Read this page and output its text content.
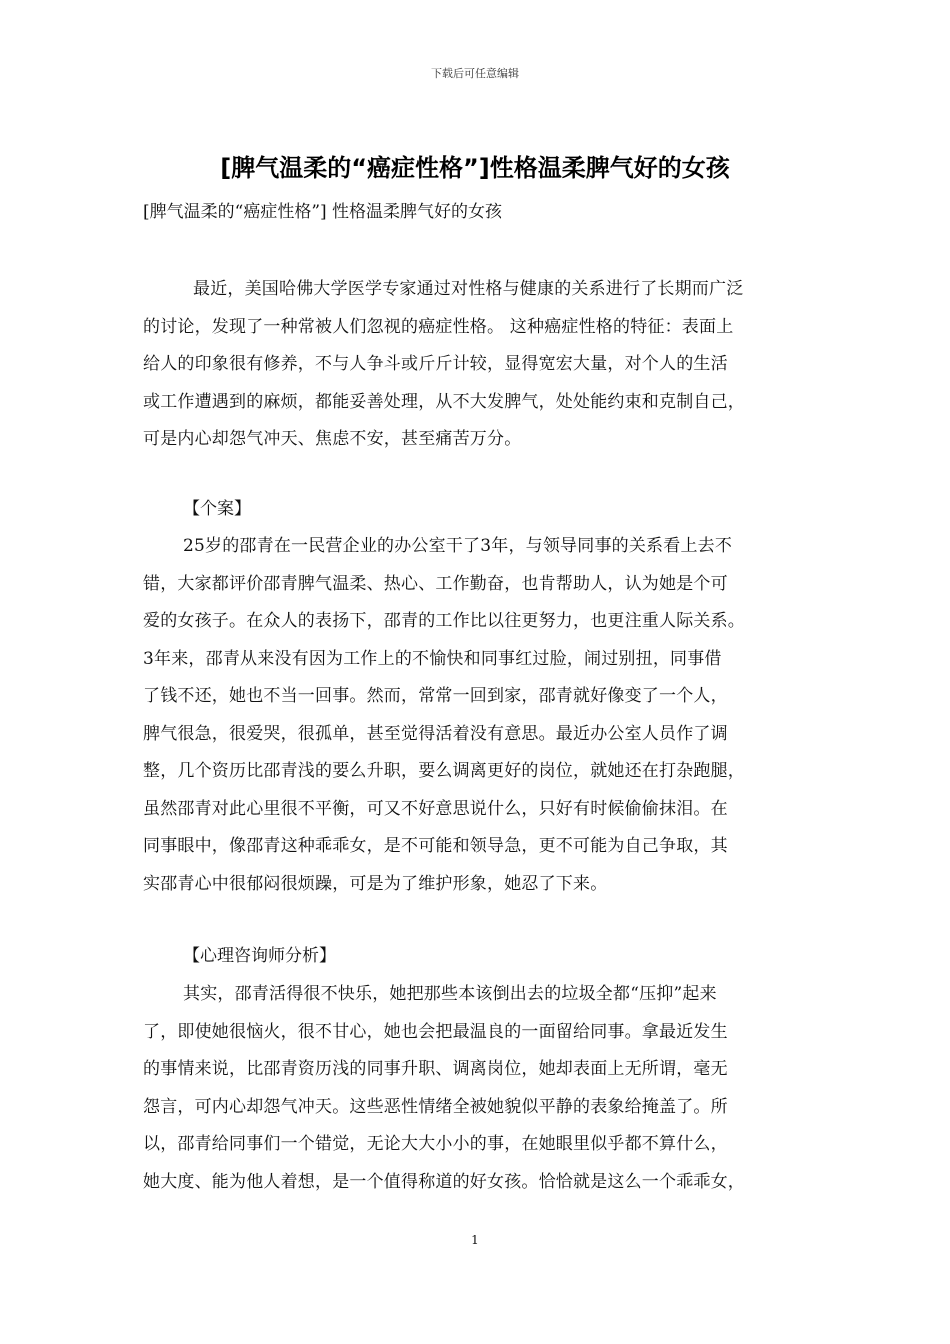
下载后可任意编辑
[脾气温柔的“癌症性格”]性格温柔脾气好的女孩

[脾气温柔的“癌症性格”] 性格温柔脾气好的女孩

最近，美国哈佛大学医学专家通过对性格与健康的关系进行了长期而广泛
的讨论，发现了一种常被人们忽视的癌症性格。 这种癌症性格的特征：表面上
给人的印象很有修养，不与人争斗或斤斤计较，显得宽宏大量，对个人的生活
或工作遭遇到的麻烦，都能妥善处理，从不大发脾气，处处能约束和克制自己，
可是内心却怨气冲天、焦虑不安，甚至痛苦万分。
【个案】
25岁的邵青在一民营企业的办公室干了3年，与领导同事的关系看上去不
错，大家都评价邵青脾气温柔、热心、工作勤奋，也肯帮助人，认为她是个可
爱的女孩子。在众人的表扬下，邵青的工作比以往更努力，也更注重人际关系。
3年来，邵青从来没有因为工作上的不愉快和同事红过脸，闹过别扭，同事借
了钱不还，她也不当一回事。然而，常常一回到家，邵青就好像变了一个人，
脾气很急，很爱哭，很孤单，甚至觉得活着没有意思。最近办公室人员作了调
整，几个资历比邵青浅的要么升职，要么调离更好的岗位，就她还在打杂跑腿，
虽然邵青对此心里很不平衡，可又不好意思说什么，只好有时候偷偷抹泪。在
同事眼中，像邵青这种乖乖女，是不可能和领导急，更不可能为自己争取，其
实邵青心中很郁闷很烦躁，可是为了维护形象，她忍了下来。
【心理咨询师分析】
其实，邵青活得很不快乐，她把那些本该倒出去的垃圾全都“压抑”起来
了，即使她很恼火，很不甘心，她也会把最温良的一面留给同事。拿最近发生
的事情来说，比邵青资历浅的同事升职、调离岗位，她却表面上无所谓，毫无
怨言，可内心却怨气冲天。这些恶性情绪全被她貌似平静的表象给掩盖了。所
以，邵青给同事们一个错觉，无论大大小小的事，在她眼里似乎都不算什么，
她大度、能为他人着想，是一个值得称道的好女孩。恰恰就是这么一个乖乖女，
1
